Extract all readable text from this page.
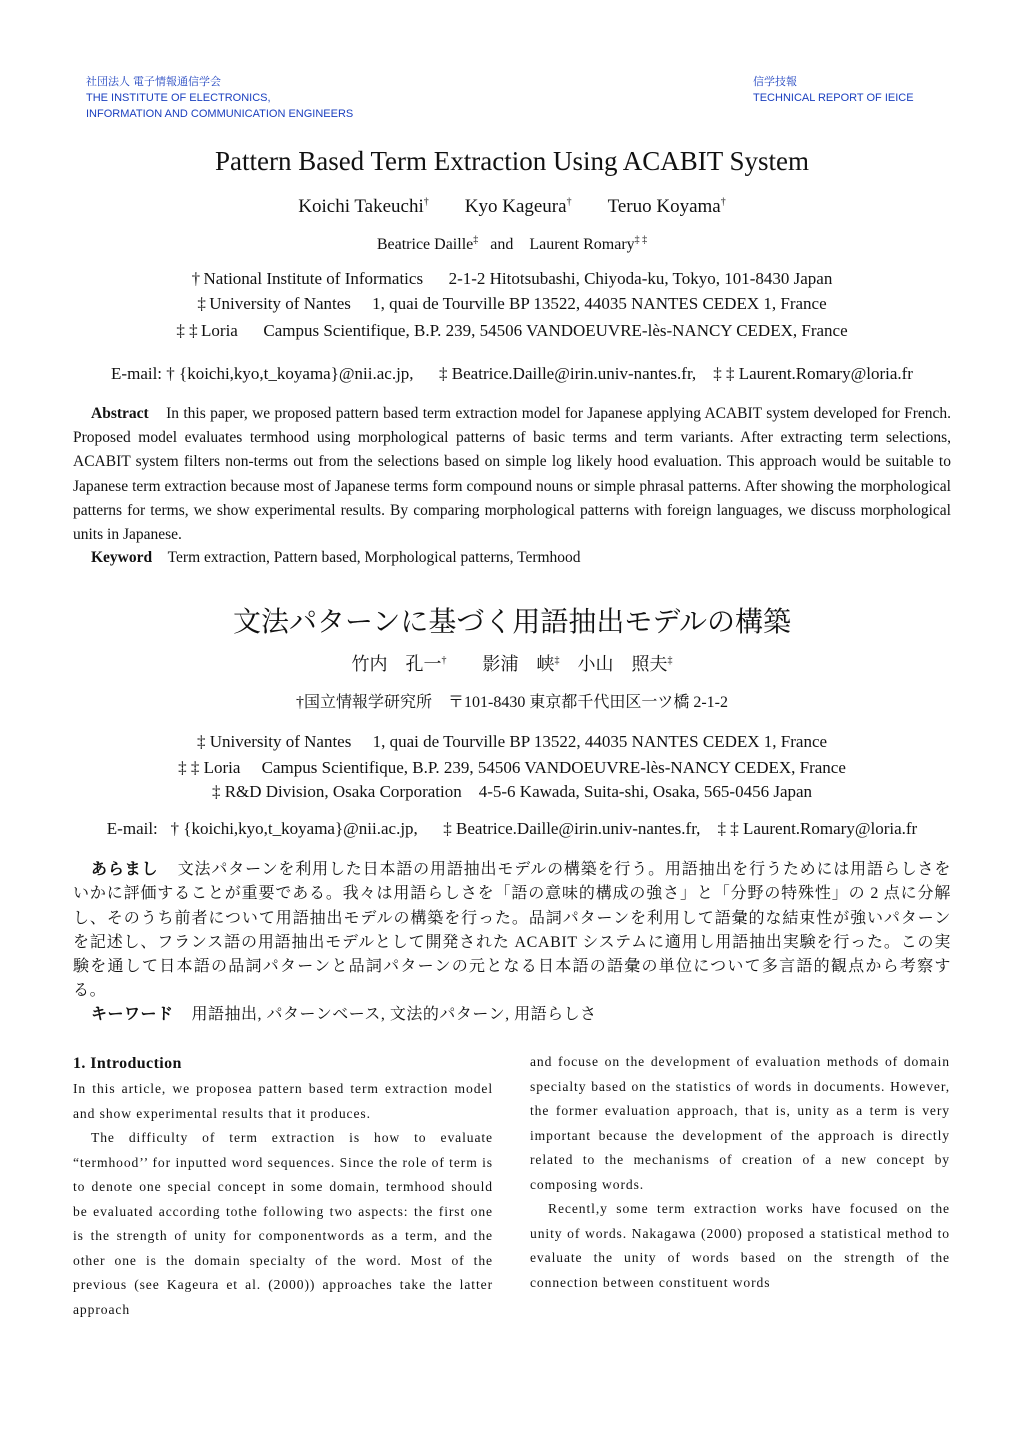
社団法人 電子情報通信学会
THE INSTITUTE OF ELECTRONICS,
INFORMATION AND COMMUNICATION ENGINEERS
信学技報
TECHNICAL REPORT OF IEICE
Pattern Based Term Extraction Using ACABIT System
Koichi Takeuchi† Kyo Kageura† Teruo Koyama†
Beatrice Daille‡ and Laurent Romary‡ ‡
†  National Institute of Informatics 2-1-2 Hitotsubashi, Chiyoda-ku, Tokyo, 101-8430 Japan
‡  University of Nantes 1, quai de Tourville BP 13522, 44035 NANTES CEDEX 1, France
‡ ‡  Loria Campus Scientifique, B.P. 239, 54506 VANDOEUVRE-lès-NANCY CEDEX, France
E-mail: † {koichi,kyo,t_koyama}@nii.ac.jp, ‡ Beatrice.Daille@irin.univ-nantes.fr, ‡ ‡ Laurent.Romary@loria.fr

Abstract In this paper, we proposed pattern based term extraction model for Japanese applying ACABIT system developed for French. Proposed model evaluates termhood using morphological patterns of basic terms and term variants. After extracting term selections, ACABIT system filters non-terms out from the selections based on simple log likely hood evaluation. This approach would be suitable to Japanese term extraction because most of Japanese terms form compound nouns or simple phrasal patterns. After showing the morphological patterns for terms, we show experimental results. By comparing morphological patterns with foreign languages, we discuss morphological units in Japanese.

Keyword Term extraction, Pattern based, Morphological patterns, Termhood
文法パターンに基づく用語抽出モデルの構築
竹内　孔一† 影浦　峡‡ 小山　照夫‡
†国立情報学研究所　〒101-8430 東京都千代田区一ツ橋 2-1-2
‡ University of Nantes　 1, quai de Tourville BP 13522, 44035 NANTES CEDEX 1, France
‡ ‡ Loria　 Campus Scientifique, B.P. 239, 54506 VANDOEUVRE-lès-NANCY CEDEX, France
‡ R&D Division, Osaka Corporation　4-5-6 Kawada, Suita-shi, Osaka, 565-0456 Japan
E-mail: † {koichi,kyo,t_koyama}@nii.ac.jp, ‡ Beatrice.Daille@irin.univ-nantes.fr, ‡ ‡ Laurent.Romary@loria.fr

あらまし 文法パターンを利用した日本語の用語抽出モデルの構築を行う。用語抽出を行うためには用語らしさをいかに評価することが重要である。我々は用語らしさを「語の意味的構成の強さ」と「分野の特殊性」の 2 点に分解し、そのうち前者について用語抽出モデルの構築を行った。品詞パターンを利用して語彙的な結束性が強いパターンを記述し、フランス語の用語抽出モデルとして開発された ACABIT システムに適用し用語抽出実験を行った。この実験を通して日本語の品詞パターンと品詞パターンの元となる日本語の語彙の単位について多言語的観点から考察する。

キーワード 用語抽出, パターンベース, 文法的パターン, 用語らしさ
1. Introduction

In this article, we proposea pattern based term extraction model and show experimental results that it produces.

The difficulty of term extraction is how to evaluate “termhood’’ for inputted word sequences. Since the role of term is to denote one special concept in some domain, termhood should be evaluated according tothe following two aspects: the first one is the strength of unity for componentwords as a term, and the other one is the domain specialty of the word. Most of the previous (see Kageura et al. (2000)) approaches take the latter approach

and focuse on the development of evaluation methods of domain specialty based on the statistics of words in documents. However, the former evaluation approach, that is, unity as a term is very important because the development of the approach is directly related to the mechanisms of creation of a new concept by composing words.

Recentl,y some term extraction works have focused on the unity of words. Nakagawa (2000) proposed a statistical method to evaluate the unity of words based on the strength of the connection between constituent words
